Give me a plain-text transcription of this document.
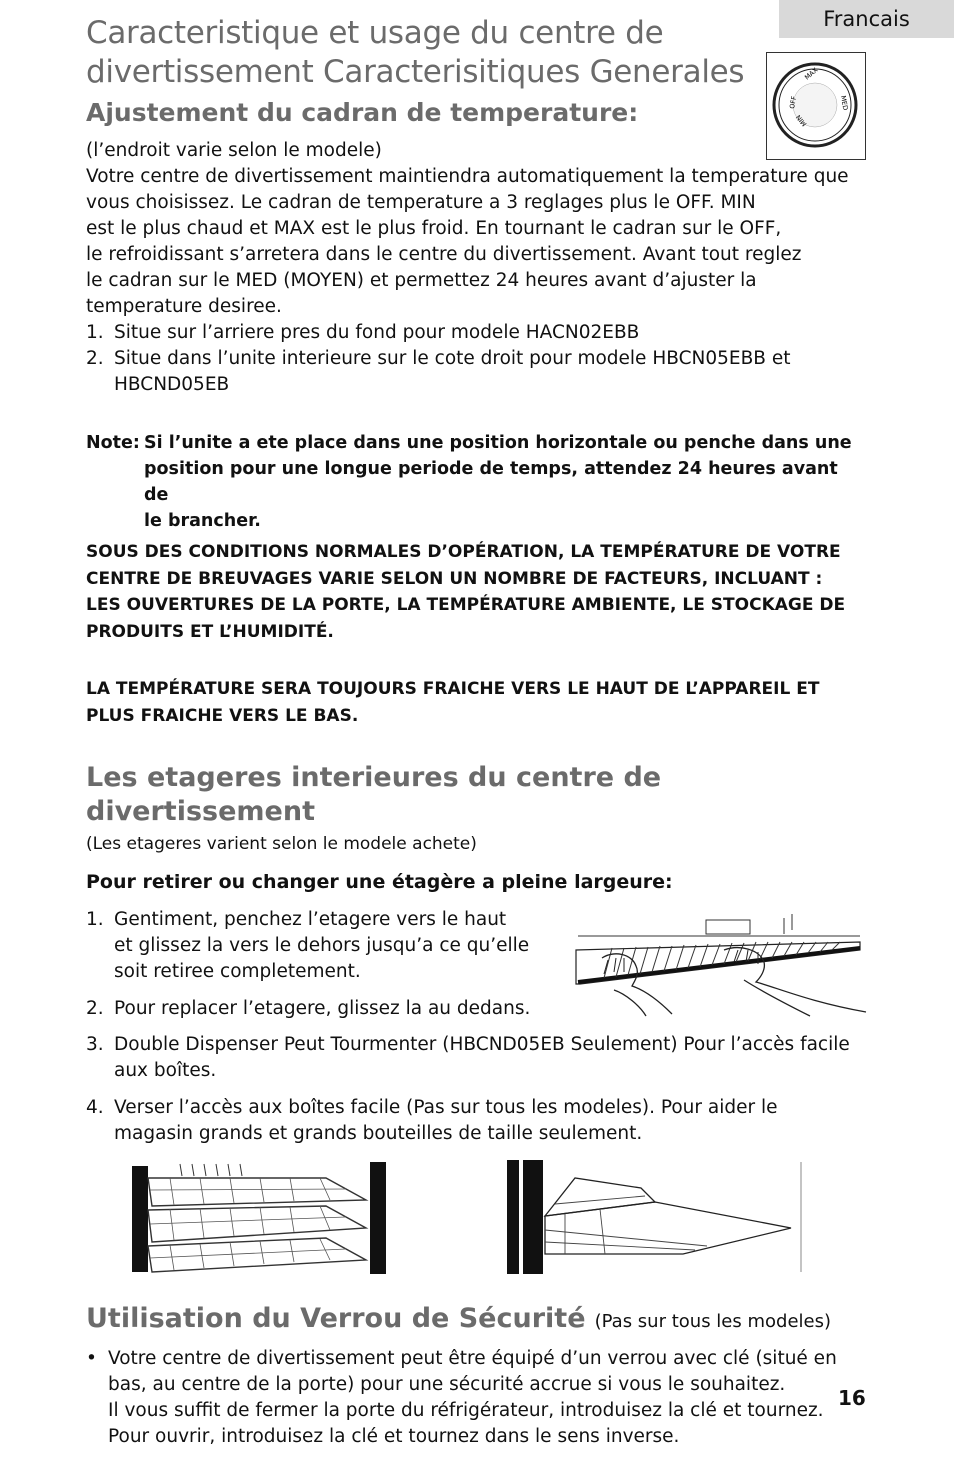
Francais
Caracteristique et usage du centre de
divertissement Caracterisitiques Generales
Ajustement du cadran de temperature:	OFF
MAX
MED
MIN
(l’endroit varie selon le modele)
Votre centre de divertissement maintiendra automatiquement la temperature que
vous choisissez. Le cadran de temperature a 3 reglages plus le OFF. MIN
est le plus chaud et MAX est le plus froid. En tournant le cadran sur le OFF,
le refroidissant s’arretera dans le centre du divertissement. Avant tout reglez
le cadran sur le MED (MOYEN) et permettez 24 heures avant d’ajuster la
temperature desiree.
1. Situe sur l’arriere pres du fond pour modele HACN02EBB
2. Situe dans l’unite interieure sur le cote droit pour modele HBCN05EBB et
HBCND05EB
Note: Si l’unite a ete place dans une position horizontale ou penche dans une
position pour une longue periode de temps, attendez 24 heures avant de
le brancher.
SOUS DES CONDITIONS NORMALES D’OPÉRATION, LA TEMPÉRATURE DE VOTRE
CENTRE DE BREUVAGES VARIE SELON UN NOMBRE DE FACTEURS, INCLUANT :
LES OUVERTURES DE LA PORTE, LA TEMPÉRATURE AMBIENTE, LE STOCKAGE DE
PRODUITS ET L’HUMIDITÉ.
LA TEMPÉRATURE SERA TOUJOURS FRAICHE VERS LE HAUT DE L’APPAREIL ET
PLUS FRAICHE VERS LE BAS.
Les etageres interieures du centre de
divertissement
(Les etageres varient selon le modele achete)
Pour retirer ou changer une étagère a pleine largeure:
1. Gentiment, penchez l’etagere vers le haut
et glissez la vers le dehors jusqu’a ce qu’elle
soit retiree completement.
2. Pour replacer l’etagere, glissez la au dedans.
3. Double Dispenser Peut Tourmenter (HBCND05EB Seulement) Pour l’accès facile
aux boîtes.
4. Verser l’accès aux boîtes facile (Pas sur tous les modeles). Pour aider le
magasin grands et grands bouteilles de taille seulement.
Utilisation du Verrou de Sécurité (Pas sur tous les modeles)
• Votre centre de divertissement peut être équipé d’un verrou avec clé (situé en
bas, au centre de la porte) pour une sécurité accrue si vous le souhaitez.
Il vous suffit de fermer la porte du réfrigérateur, introduisez la clé et tournez.
Pour ouvrir, introduisez la clé et tournez dans le sens inverse.
16
